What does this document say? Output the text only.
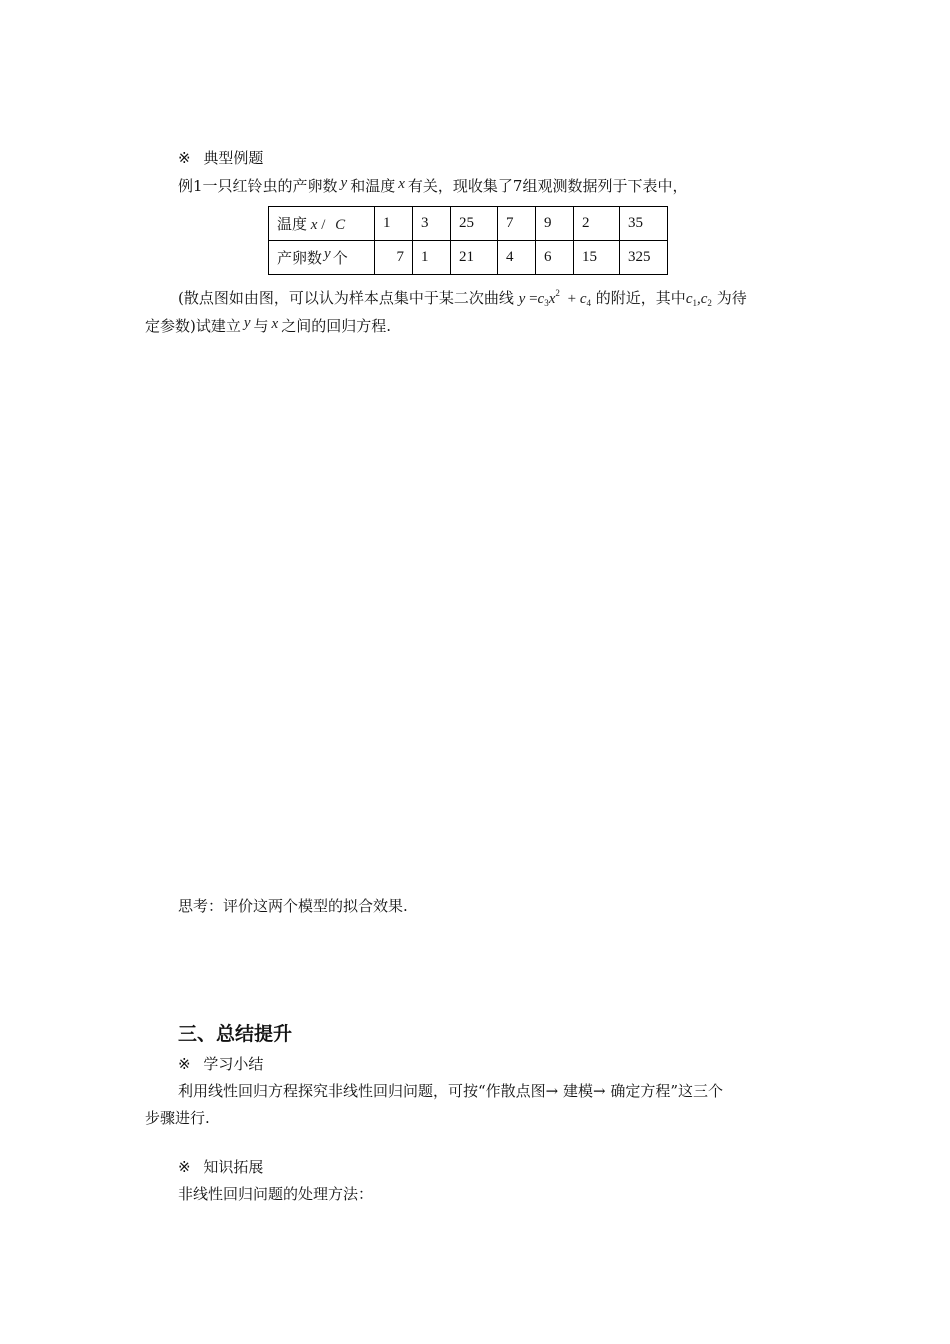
※ 典型例题
例1一只红铃虫的产卵数 y 和温度 x 有关，现收集了7组观测数据列于下表中，
温度 x / C	1	3	25	7	9	2	35
产卵数 y 个	7	1	21	4	6	15	325
(散点图如由图，可以认为样本点集中于某二次曲线 $y =c_3x^2 + c_4$ 的附近，其中$c_1,c_2$ 为待
定参数)试建立 y 与 x 之间的回归方程.
思考：评价这两个模型的拟合效果.
三、总结提升
※ 学习小结
利用线性回归方程探究非线性回归问题，可按“作散点图→ 建模→ 确定方程”这三个
步骤进行.
※ 知识拓展
非线性回归问题的处理方法：
